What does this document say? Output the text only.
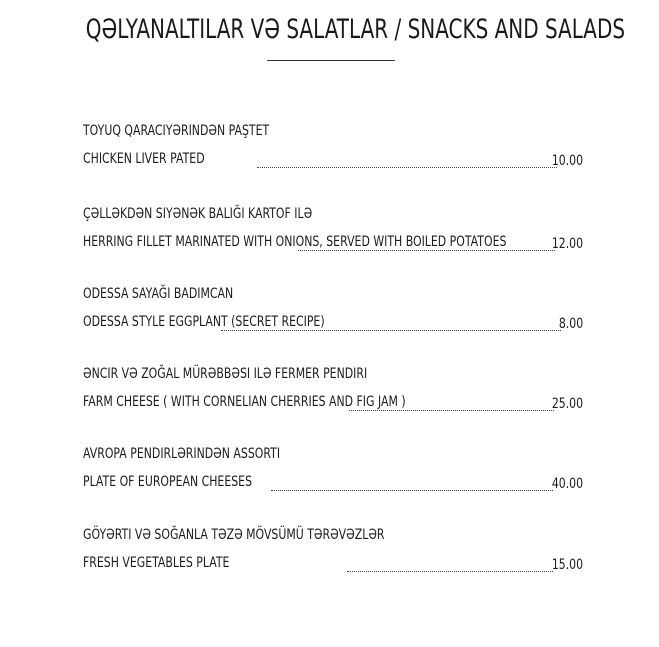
QƏLYANALTILAR VƏ SALATLAR / SNACKS AND SALADS
TOYUQ QARACIYƏRINDƏN PAŞTET
10.00
CHICKEN LIVER PATED
ÇƏLLƏKDƏN SIYƏNƏK BALIĞI KARTOF ILƏ
12.00
HERRING FILLET MARINATED WITH ONIONS, SERVED WITH BOILED POTATOES
ODESSA SAYAĞI BADIMCAN
8.00
ODESSA STYLE EGGPLANT (SECRET RECIPE)
ƏNCIR VƏ ZOĞAL MÜRƏBBƏSI ILƏ FERMER PENDIRI
25.00
FARM CHEESE ( WITH CORNELIAN CHERRIES AND FIG JAM )
AVROPA PENDIRLƏRINDƏN ASSORTI
40.00
PLATE OF EUROPEAN CHEESES
GÖYƏRTI VƏ SOĞANLA TƏZƏ MÖVSÜMÜ TƏRƏVƏZLƏR
15.00
FRESH VEGETABLES PLATE
